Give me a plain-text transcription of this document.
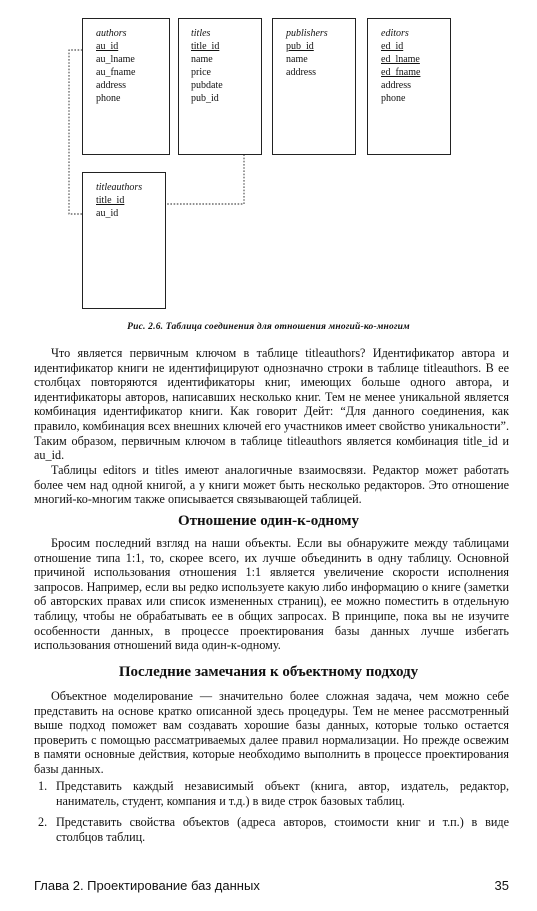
authors
au_id
au_lname
au_fname
address
phone
titles
title_id
name
price
pubdate
pub_id
publishers
pub_id
name
address
editors
ed_id
ed_lname
ed_fname
address
phone
titleauthors
title_id
au_id
Рис. 2.6. Таблица соединения для отношения многий-ко-многим

Что является первичным ключом в таблице titleauthors? Идентификатор автора и идентификатор книги не идентифицируют однозначно строки в таблице titleauthors. В ее столбцах повторяются идентификаторы книг, имеющих больше одного автора, и идентификаторы авторов, написавших несколько книг. Тем не менее уникальной является комбинация идентификатор книги. Как говорит Дейт: “Для данного соединения, как правило, комбинация всех внешних ключей его участников имеет свойство уникальности”. Таким образом, первичным ключом в таблице titleauthors является комбинация title_id и au_id.

Таблицы editors и titles имеют аналогичные взаимосвязи. Редактор может работать более чем над одной книгой, а у книги может быть несколько редакторов. Это отношение многий-ко-многим также описывается связывающей таблицей.

Отношение один-к-одному

Бросим последний взгляд на наши объекты. Если вы обнаружите между таблицами отношение типа 1:1, то, скорее всего, их лучше объединить в одну таблицу. Основной причиной использования отношения 1:1 является увеличение скорости исполнения запросов. Например, если вы редко используете какую либо информацию о книге (заметки об авторских правах или список измененных страниц), ее можно поместить в отдельную таблицу, чтобы не обрабатывать ее в общих запросах. В принципе, пока вы не изучите особенности данных, в процессе проектирования базы данных лучше избегать использования отношений вида один-к-одному.

Последние замечания к объектному подходу

Объектное моделирование — значительно более сложная задача, чем можно себе представить на основе кратко описанной здесь процедуры. Тем не менее рассмотренный выше подход поможет вам создавать хорошие базы данных, которые только остается проверить с помощью рассматриваемых далее правил нормализации. Но прежде освежим в памяти основные действия, которые необходимо выполнить в процессе проектирования базы данных.

1. Представить каждый независимый объект (книга, автор, издатель, редактор, наниматель, студент, компания и т.д.) в виде строк базовых таблиц.
2. Представить свойства объектов (адреса авторов, стоимости книг и т.п.) в виде столбцов таблиц.
Глава 2. Проектирование баз данных	35
